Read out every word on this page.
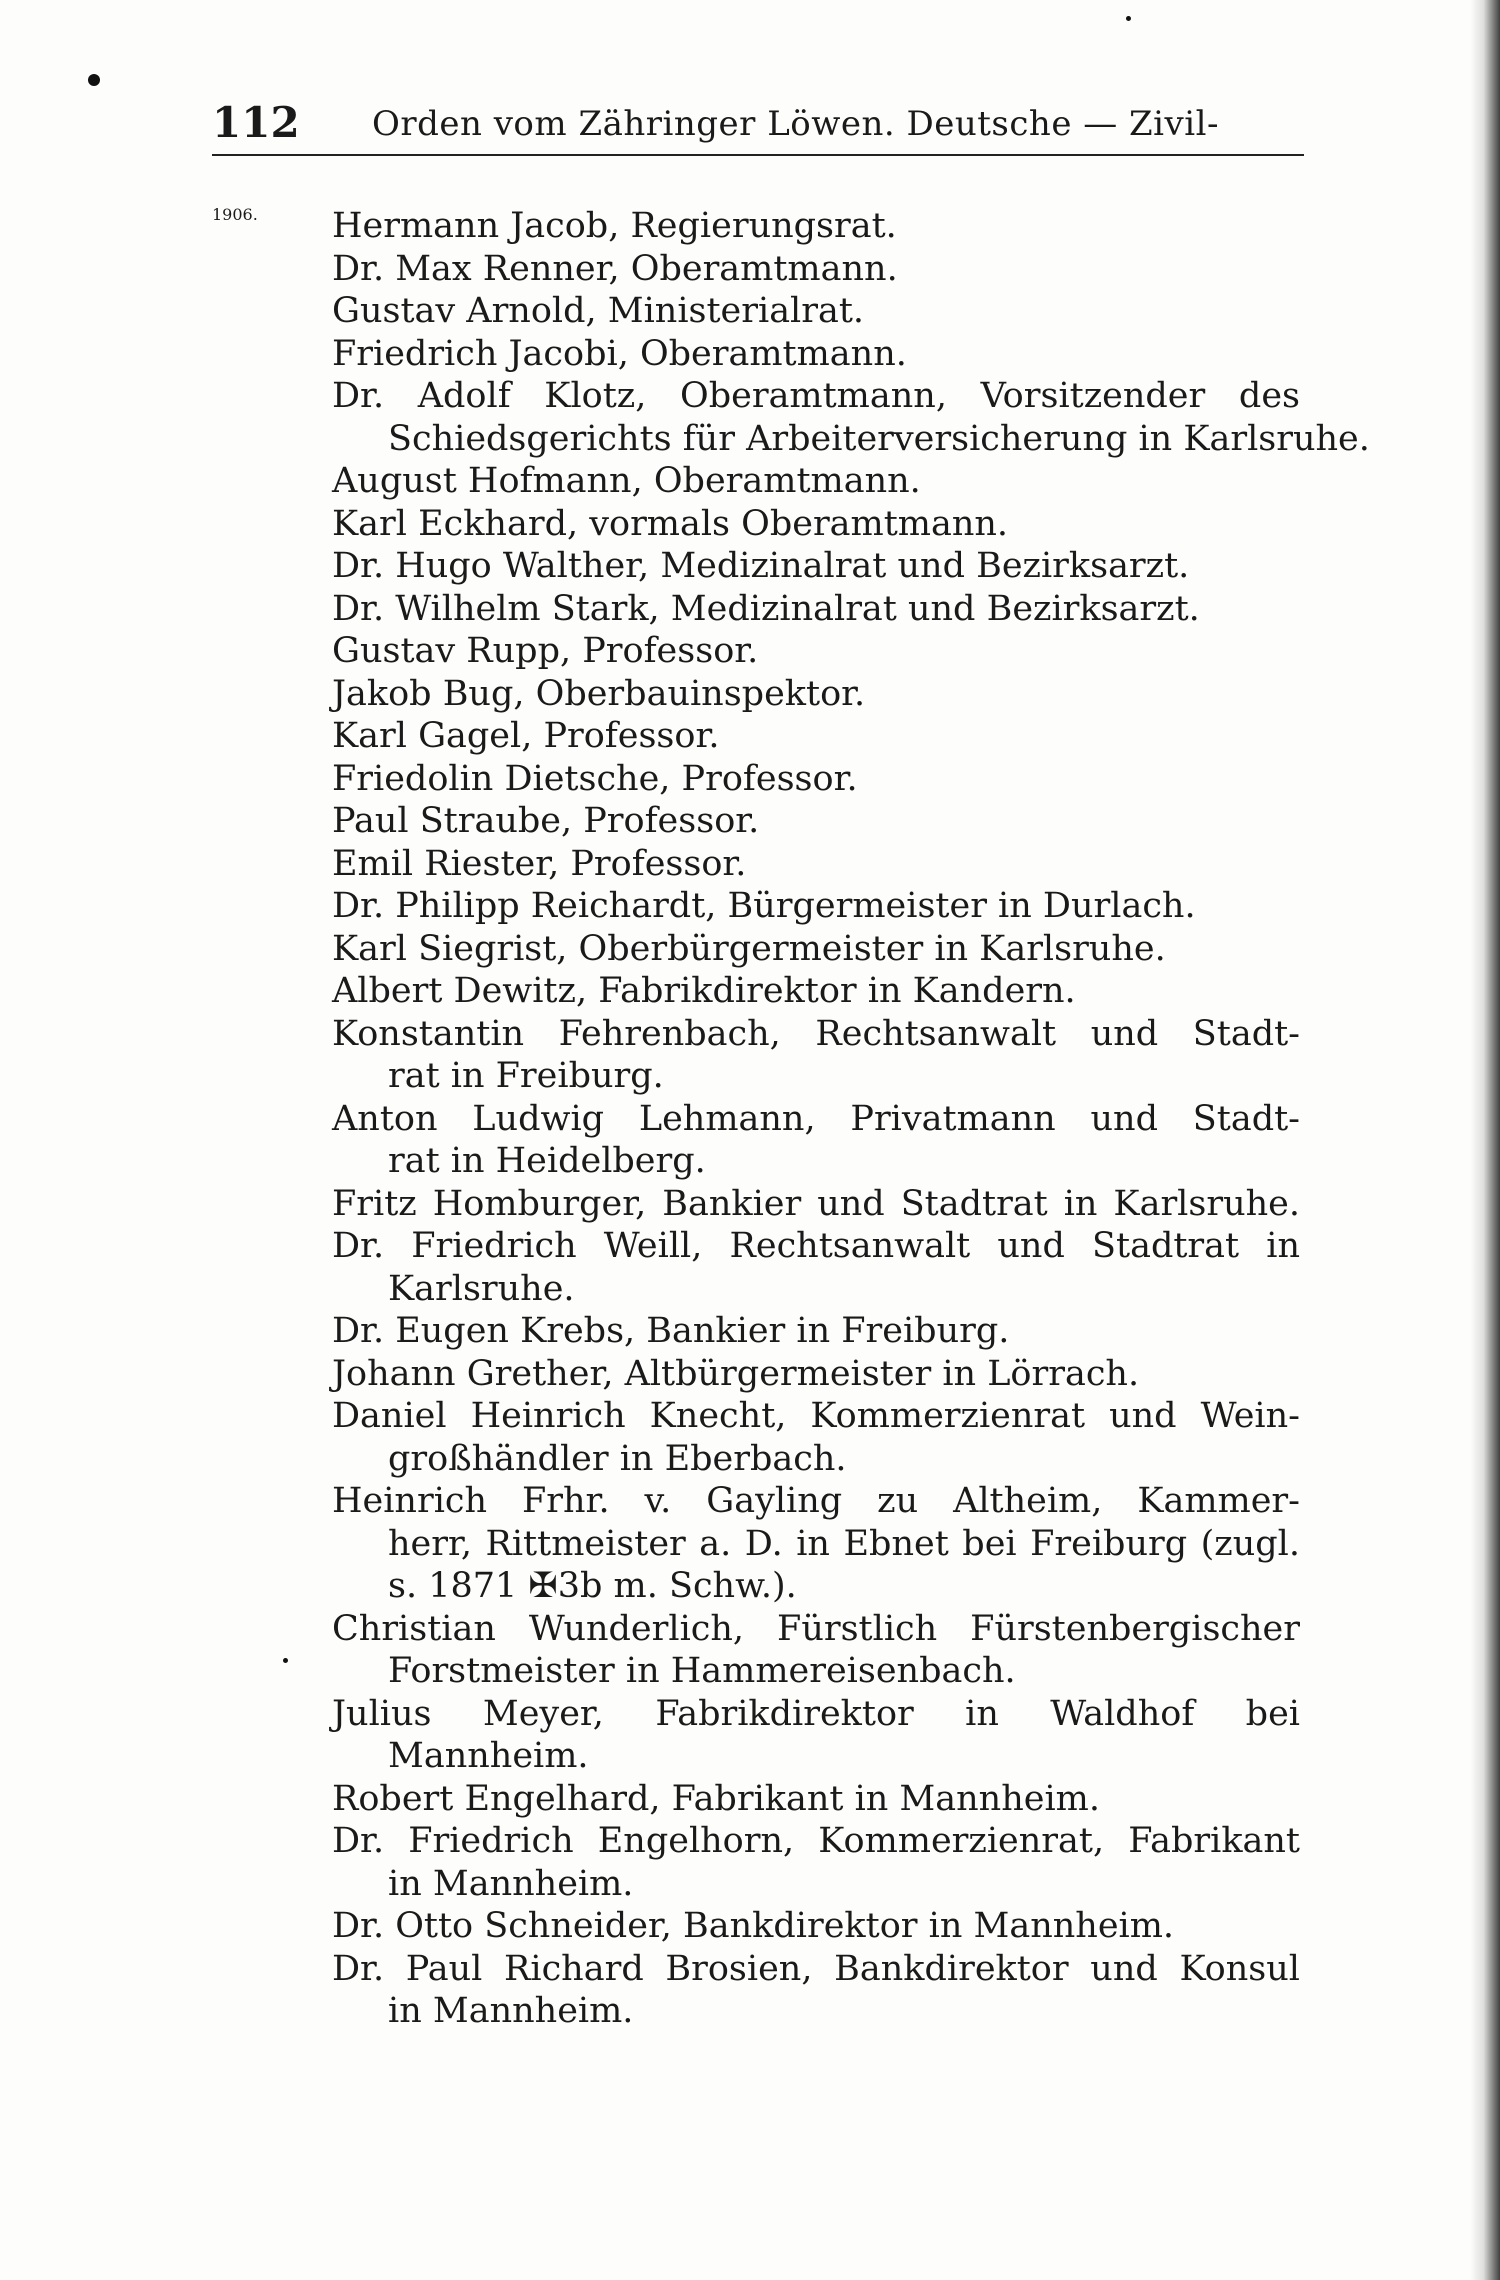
112 Orden vom Zähringer Löwen. Deutsche — Zivil-
1906. Hermann Jacob, Regierungsrat.
Dr. Max Renner, Oberamtmann.
Gustav Arnold, Ministerialrat.
Friedrich Jacobi, Oberamtmann.
Dr. Adolf Klotz, Oberamtmann, Vorsitzender des
Schiedsgerichts für Arbeiterversicherung in Karlsruhe.
August Hofmann, Oberamtmann.
Karl Eckhard, vormals Oberamtmann.
Dr. Hugo Walther, Medizinalrat und Bezirksarzt.
Dr. Wilhelm Stark, Medizinalrat und Bezirksarzt.
Gustav Rupp, Professor.
Jakob Bug, Oberbauinspektor.
Karl Gagel, Professor.
Friedolin Dietsche, Professor.
Paul Straube, Professor.
Emil Riester, Professor.
Dr. Philipp Reichardt, Bürgermeister in Durlach.
Karl Siegrist, Oberbürgermeister in Karlsruhe.
Albert Dewitz, Fabrikdirektor in Kandern.
Konstantin Fehrenbach, Rechtsanwalt und Stadt-
rat in Freiburg.
Anton Ludwig Lehmann, Privatmann und Stadt-
rat in Heidelberg.
Fritz Homburger, Bankier und Stadtrat in Karlsruhe.
Dr. Friedrich Weill, Rechtsanwalt und Stadtrat in
Karlsruhe.
Dr. Eugen Krebs, Bankier in Freiburg.
Johann Grether, Altbürgermeister in Lörrach.
Daniel Heinrich Knecht, Kommerzienrat und Wein-
großhändler in Eberbach.
Heinrich Frhr. v. Gayling zu Altheim, Kammer-
herr, Rittmeister a. D. in Ebnet bei Freiburg (zugl.
s. 1871 ✠3b m. Schw.).
Christian Wunderlich, Fürstlich Fürstenbergischer
Forstmeister in Hammereisenbach.
Julius Meyer, Fabrikdirektor in Waldhof bei
Mannheim.
Robert Engelhard, Fabrikant in Mannheim.
Dr. Friedrich Engelhorn, Kommerzienrat, Fabrikant
in Mannheim.
Dr. Otto Schneider, Bankdirektor in Mannheim.
Dr. Paul Richard Brosien, Bankdirektor und Konsul
in Mannheim.
